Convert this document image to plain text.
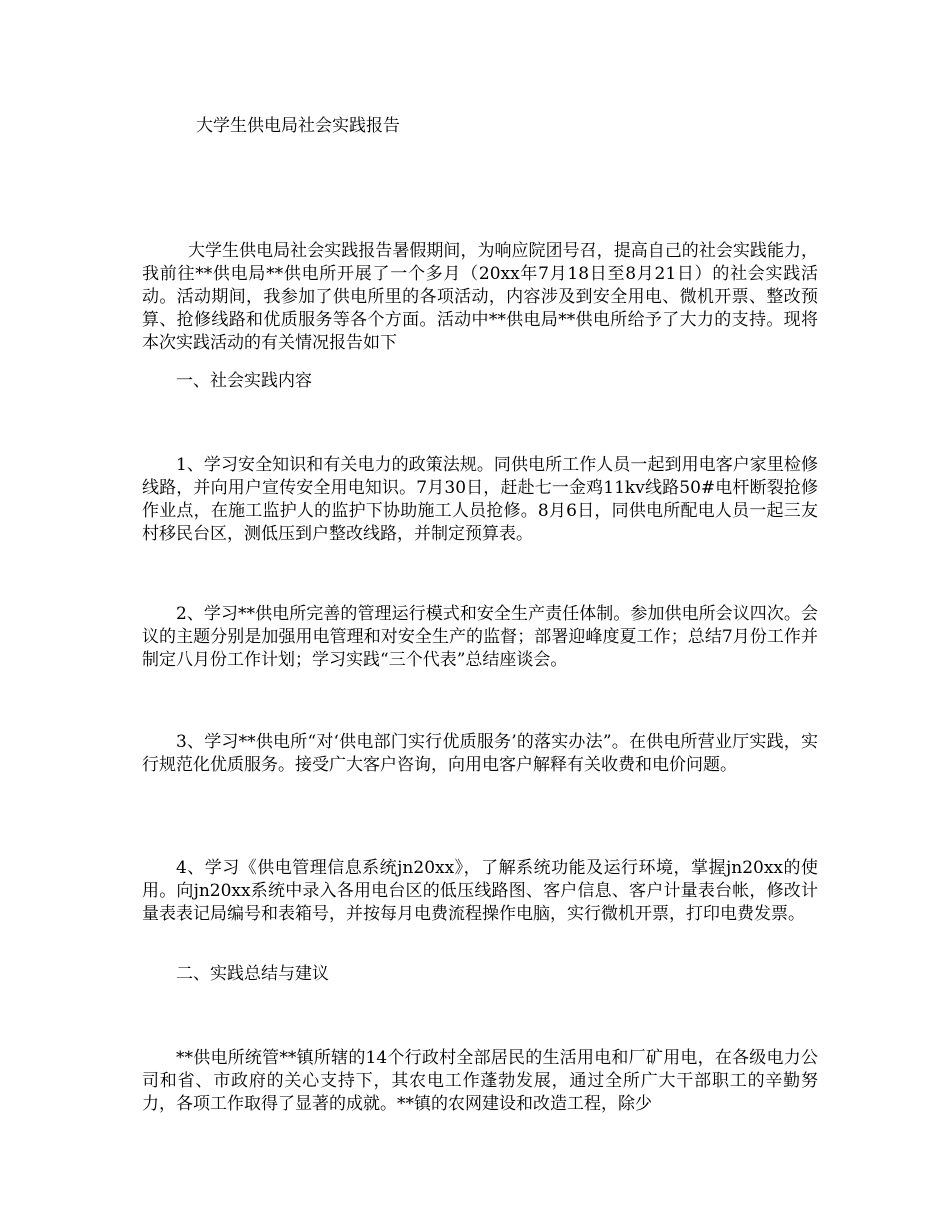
大学生供电局社会实践报告

大学生供电局社会实践报告暑假期间，为响应院团号召，提高自己的社会实践能力，我前往**供电局**供电所开展了一个多月（20xx年7月18日至8月21日）的社会实践活动。活动期间，我参加了供电所里的各项活动，内容涉及到安全用电、微机开票、整改预算、抢修线路和优质服务等各个方面。活动中**供电局**供电所给予了大力的支持。现将本次实践活动的有关情况报告如下

一、社会实践内容

1、学习安全知识和有关电力的政策法规。同供电所工作人员一起到用电客户家里检修线路，并向用户宣传安全用电知识。7月30日，赶赴七一金鸡11kv线路50#电杆断裂抢修作业点，在施工监护人的监护下协助施工人员抢修。8月6日，同供电所配电人员一起三友村移民台区，测低压到户整改线路，并制定预算表。

2、学习**供电所完善的管理运行模式和安全生产责任体制。参加供电所会议四次。会议的主题分别是加强用电管理和对安全生产的监督；部署迎峰度夏工作；总结7月份工作并制定八月份工作计划；学习实践“三个代表”总结座谈会。

3、学习**供电所“对‘供电部门实行优质服务’的落实办法”。在供电所营业厅实践，实行规范化优质服务。接受广大客户咨询，向用电客户解释有关收费和电价问题。

4、学习《供电管理信息系统jn20xx》，了解系统功能及运行环境，掌握jn20xx的使用。向jn20xx系统中录入各用电台区的低压线路图、客户信息、客户计量表台帐，修改计量表表记局编号和表箱号，并按每月电费流程操作电脑，实行微机开票，打印电费发票。

二、实践总结与建议

**供电所统管**镇所辖的14个行政村全部居民的生活用电和厂矿用电，在各级电力公司和省、市政府的关心支持下，其农电工作蓬勃发展，通过全所广大干部职工的辛勤努力，各项工作取得了显著的成就。**镇的农网建设和改造工程，除少
